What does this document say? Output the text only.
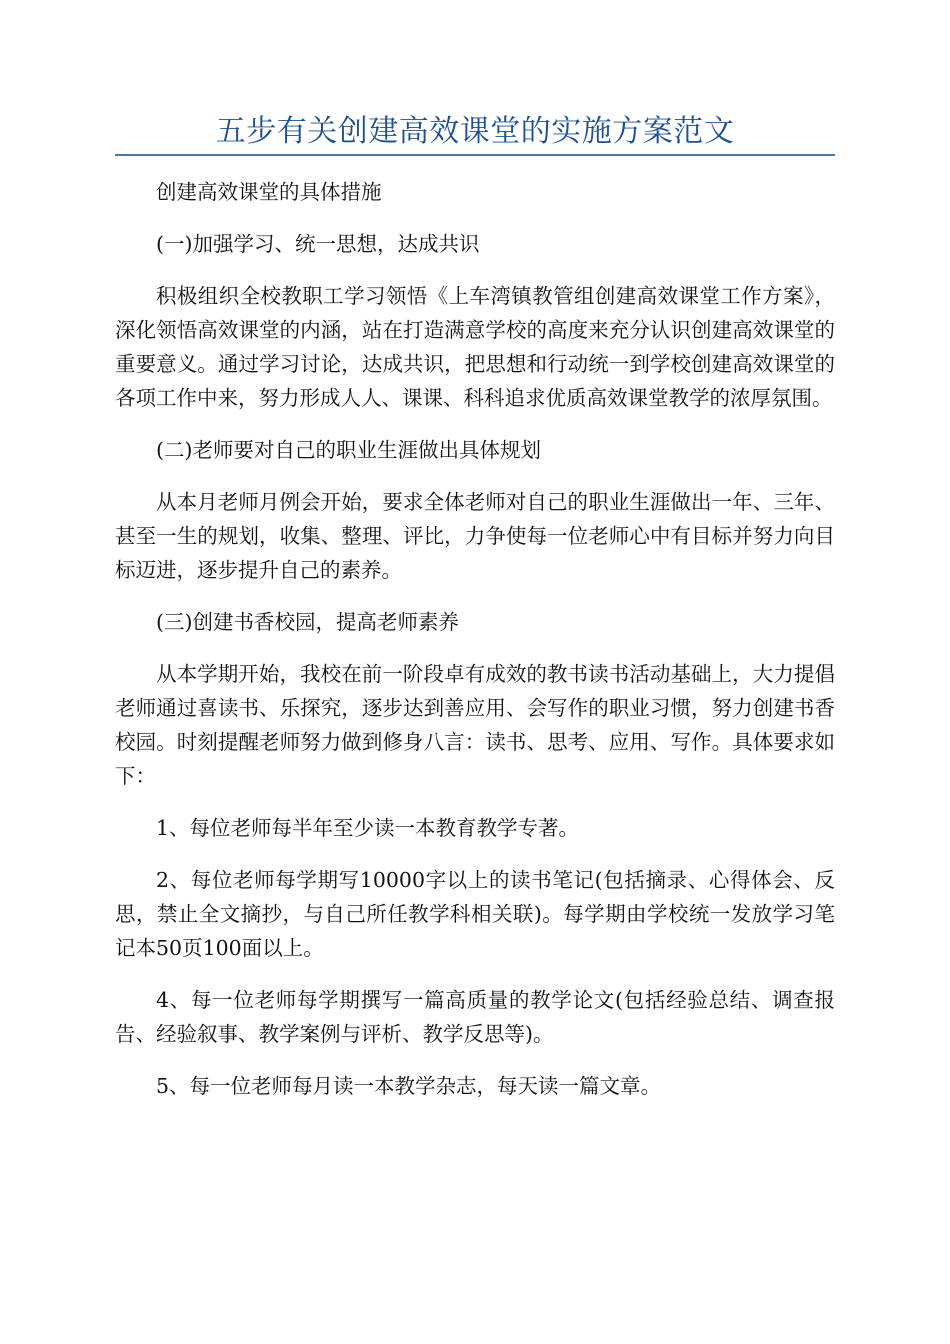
五步有关创建高效课堂的实施方案范文

创建高效课堂的具体措施

(一)加强学习、统一思想，达成共识

积极组织全校教职工学习领悟《上车湾镇教管组创建高效课堂工作方案》，深化领悟高效课堂的内涵，站在打造满意学校的高度来充分认识创建高效课堂的重要意义。通过学习讨论，达成共识，把思想和行动统一到学校创建高效课堂的各项工作中来，努力形成人人、课课、科科追求优质高效课堂教学的浓厚氛围。

(二)老师要对自己的职业生涯做出具体规划

从本月老师月例会开始，要求全体老师对自己的职业生涯做出一年、三年、甚至一生的规划，收集、整理、评比，力争使每一位老师心中有目标并努力向目标迈进，逐步提升自己的素养。

(三)创建书香校园，提高老师素养

从本学期开始，我校在前一阶段卓有成效的教书读书活动基础上，大力提倡老师通过喜读书、乐探究，逐步达到善应用、会写作的职业习惯，努力创建书香校园。时刻提醒老师努力做到修身八言：读书、思考、应用、写作。具体要求如下：

1、每位老师每半年至少读一本教育教学专著。

2、每位老师每学期写10000字以上的读书笔记(包括摘录、心得体会、反思，禁止全文摘抄，与自己所任教学科相关联)。每学期由学校统一发放学习笔记本50页100面以上。

4、每一位老师每学期撰写一篇高质量的教学论文(包括经验总结、调查报告、经验叙事、教学案例与评析、教学反思等)。

5、每一位老师每月读一本教学杂志，每天读一篇文章。
